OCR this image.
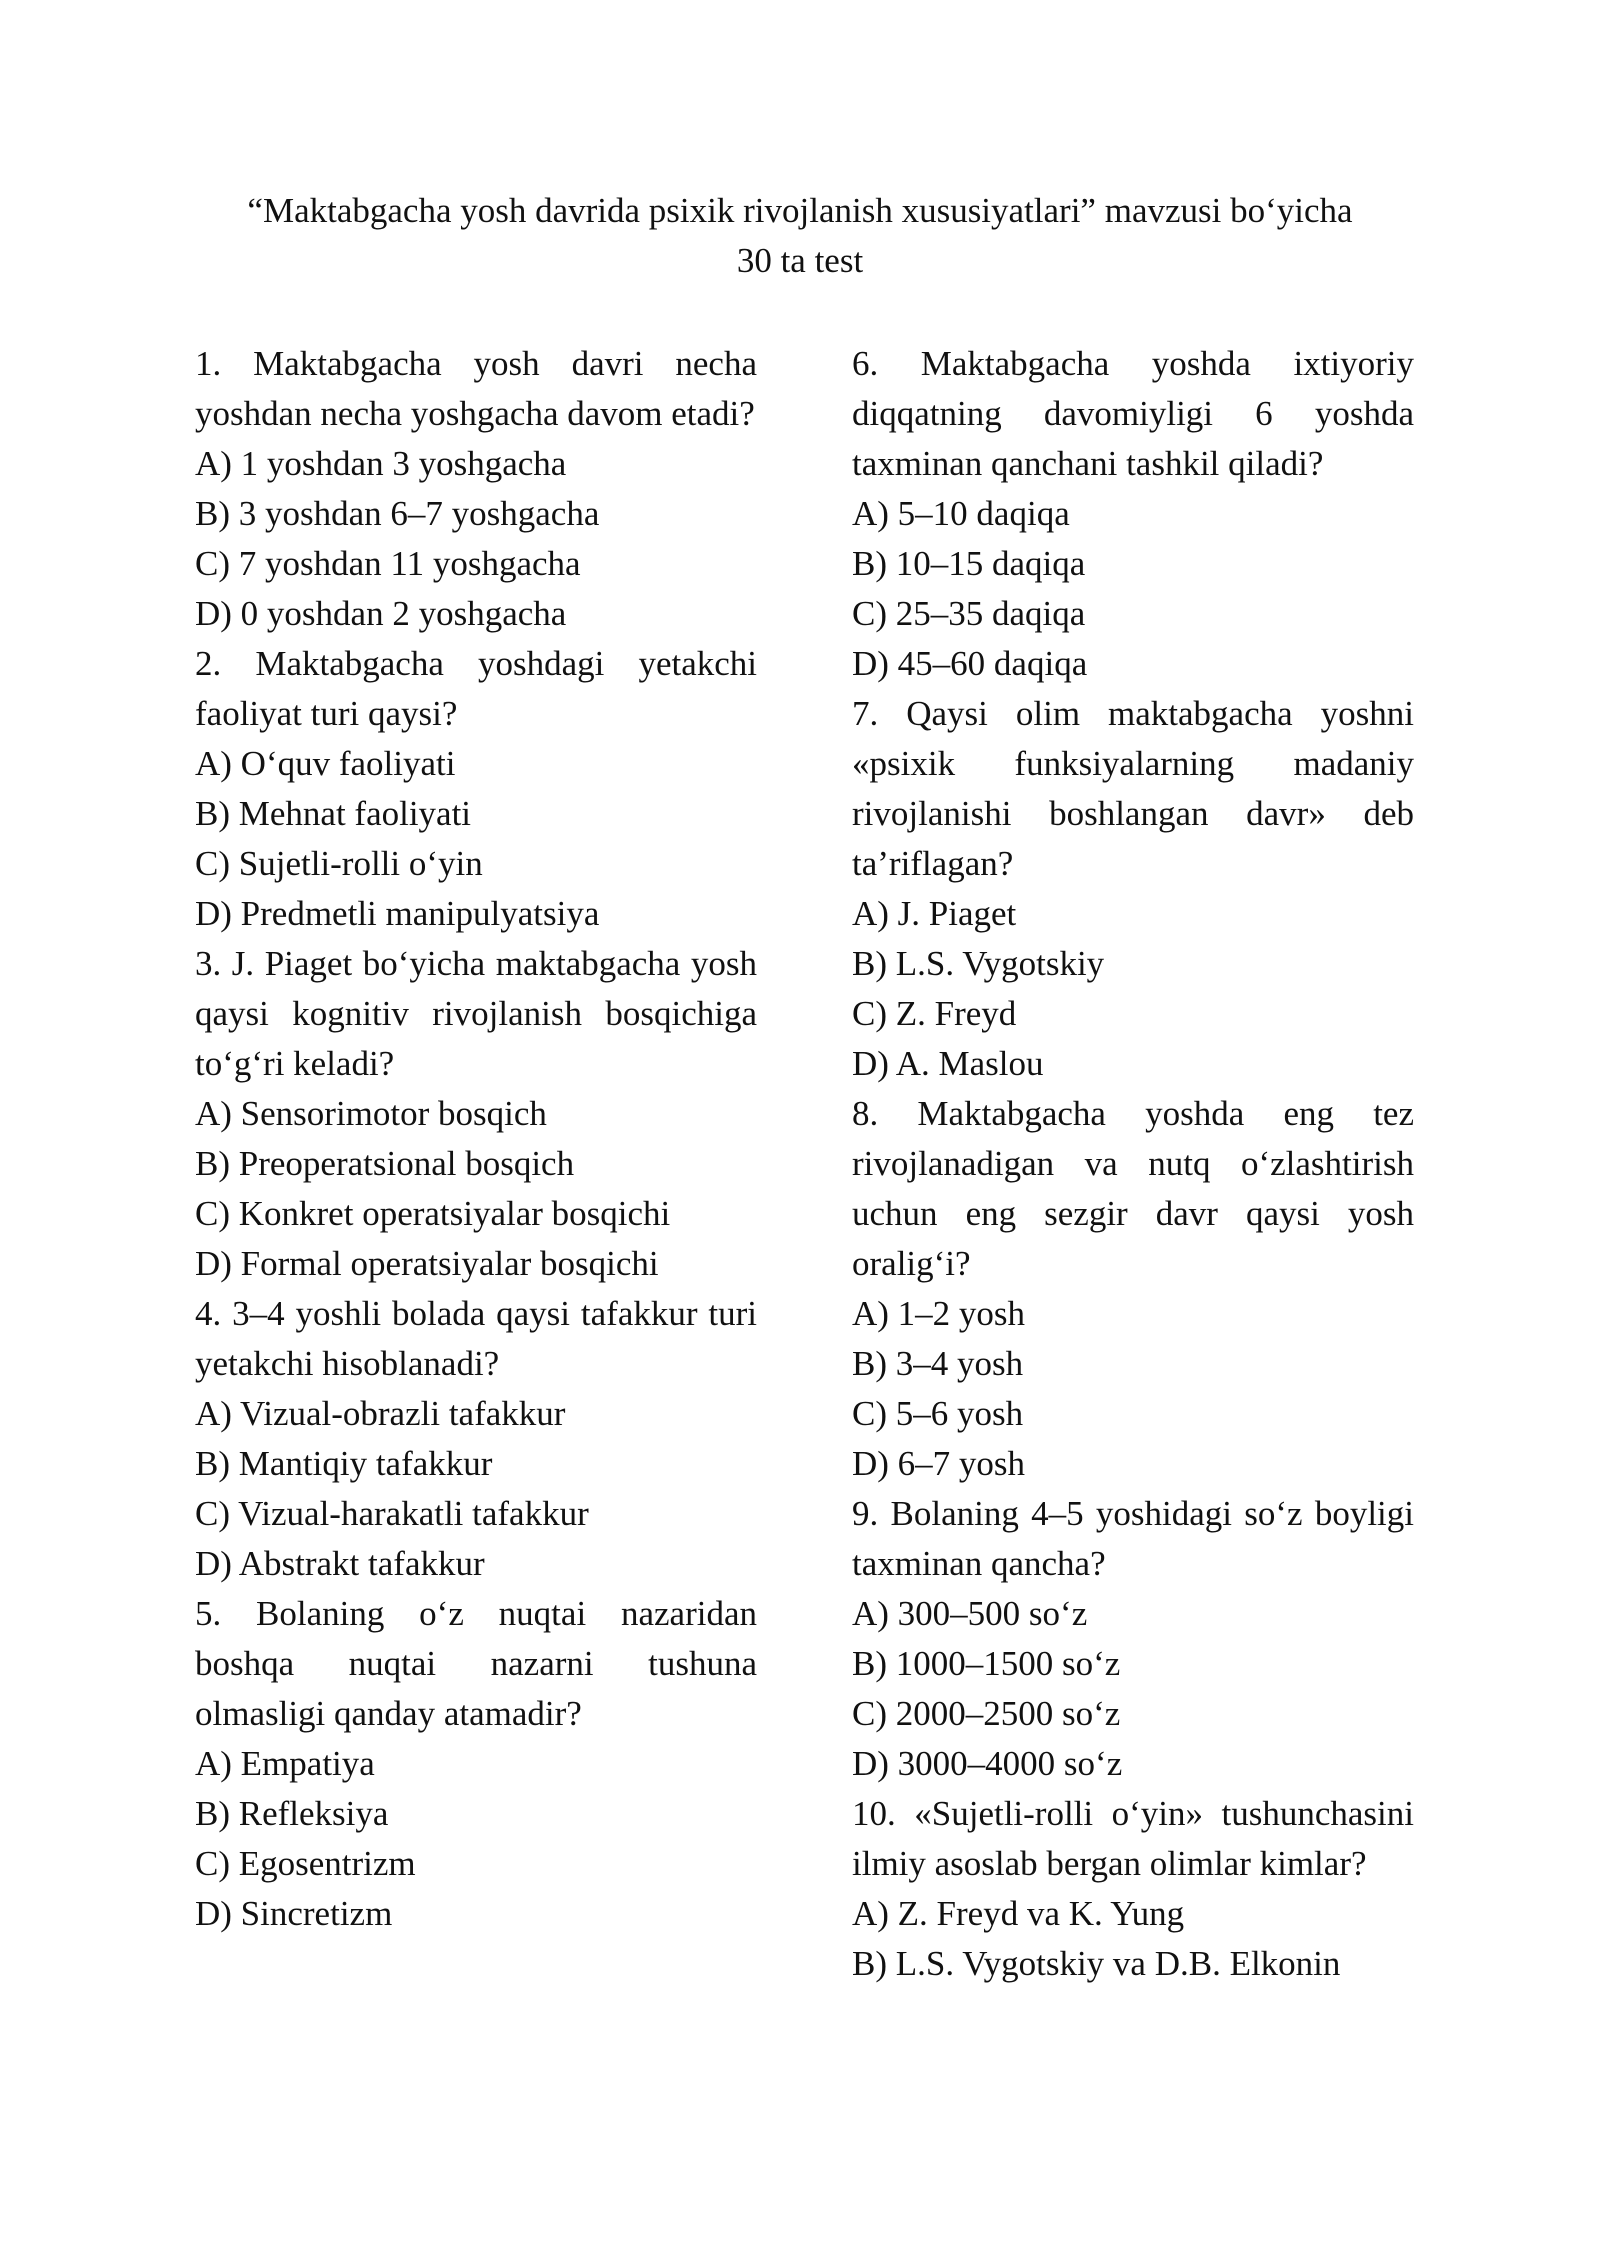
“Maktabgacha yosh davrida psixik rivojlanish xususiyatlari” mavzusi bo‘yicha
30 ta test

1. Maktabgacha yosh davri necha yoshdan necha yoshgacha davom etadi?

A) 1 yoshdan 3 yoshgacha

B) 3 yoshdan 6–7 yoshgacha

C) 7 yoshdan 11 yoshgacha

D) 0 yoshdan 2 yoshgacha

2. Maktabgacha yoshdagi yetakchi faoliyat turi qaysi?

A) O‘quv faoliyati

B) Mehnat faoliyati

C) Sujetli-rolli o‘yin

D) Predmetli manipulyatsiya

3. J. Piaget bo‘yicha maktabgacha yosh qaysi kognitiv rivojlanish bosqichiga to‘g‘ri keladi?

A) Sensorimotor bosqich

B) Preoperatsional bosqich

C) Konkret operatsiyalar bosqichi

D) Formal operatsiyalar bosqichi

4. 3–4 yoshli bolada qaysi tafakkur turi yetakchi hisoblanadi?

A) Vizual-obrazli tafakkur

B) Mantiqiy tafakkur

C) Vizual-harakatli tafakkur

D) Abstrakt tafakkur

5. Bolaning o‘z nuqtai nazaridan boshqa nuqtai nazarni tushuna olmasligi qanday atamadir?

A) Empatiya

B) Refleksiya

C) Egosentrizm

D) Sincretizm

6. Maktabgacha yoshda ixtiyoriy diqqatning davomiyligi 6 yoshda taxminan qanchani tashkil qiladi?

A) 5–10 daqiqa

B) 10–15 daqiqa

C) 25–35 daqiqa

D) 45–60 daqiqa

7. Qaysi olim maktabgacha yoshni «psixik funksiyalarning madaniy rivojlanishi boshlangan davr» deb ta’riflagan?

A) J. Piaget

B) L.S. Vygotskiy

C) Z. Freyd

D) A. Maslou

8. Maktabgacha yoshda eng tez rivojlanadigan va nutq o‘zlashtirish uchun eng sezgir davr qaysi yosh oralig‘i?

A) 1–2 yosh

B) 3–4 yosh

C) 5–6 yosh

D) 6–7 yosh

9. Bolaning 4–5 yoshidagi so‘z boyligi taxminan qancha?

A) 300–500 so‘z

B) 1000–1500 so‘z

C) 2000–2500 so‘z

D) 3000–4000 so‘z

10. «Sujetli-rolli o‘yin» tushunchasini ilmiy asoslab bergan olimlar kimlar?

A) Z. Freyd va K. Yung

B) L.S. Vygotskiy va D.B. Elkonin
